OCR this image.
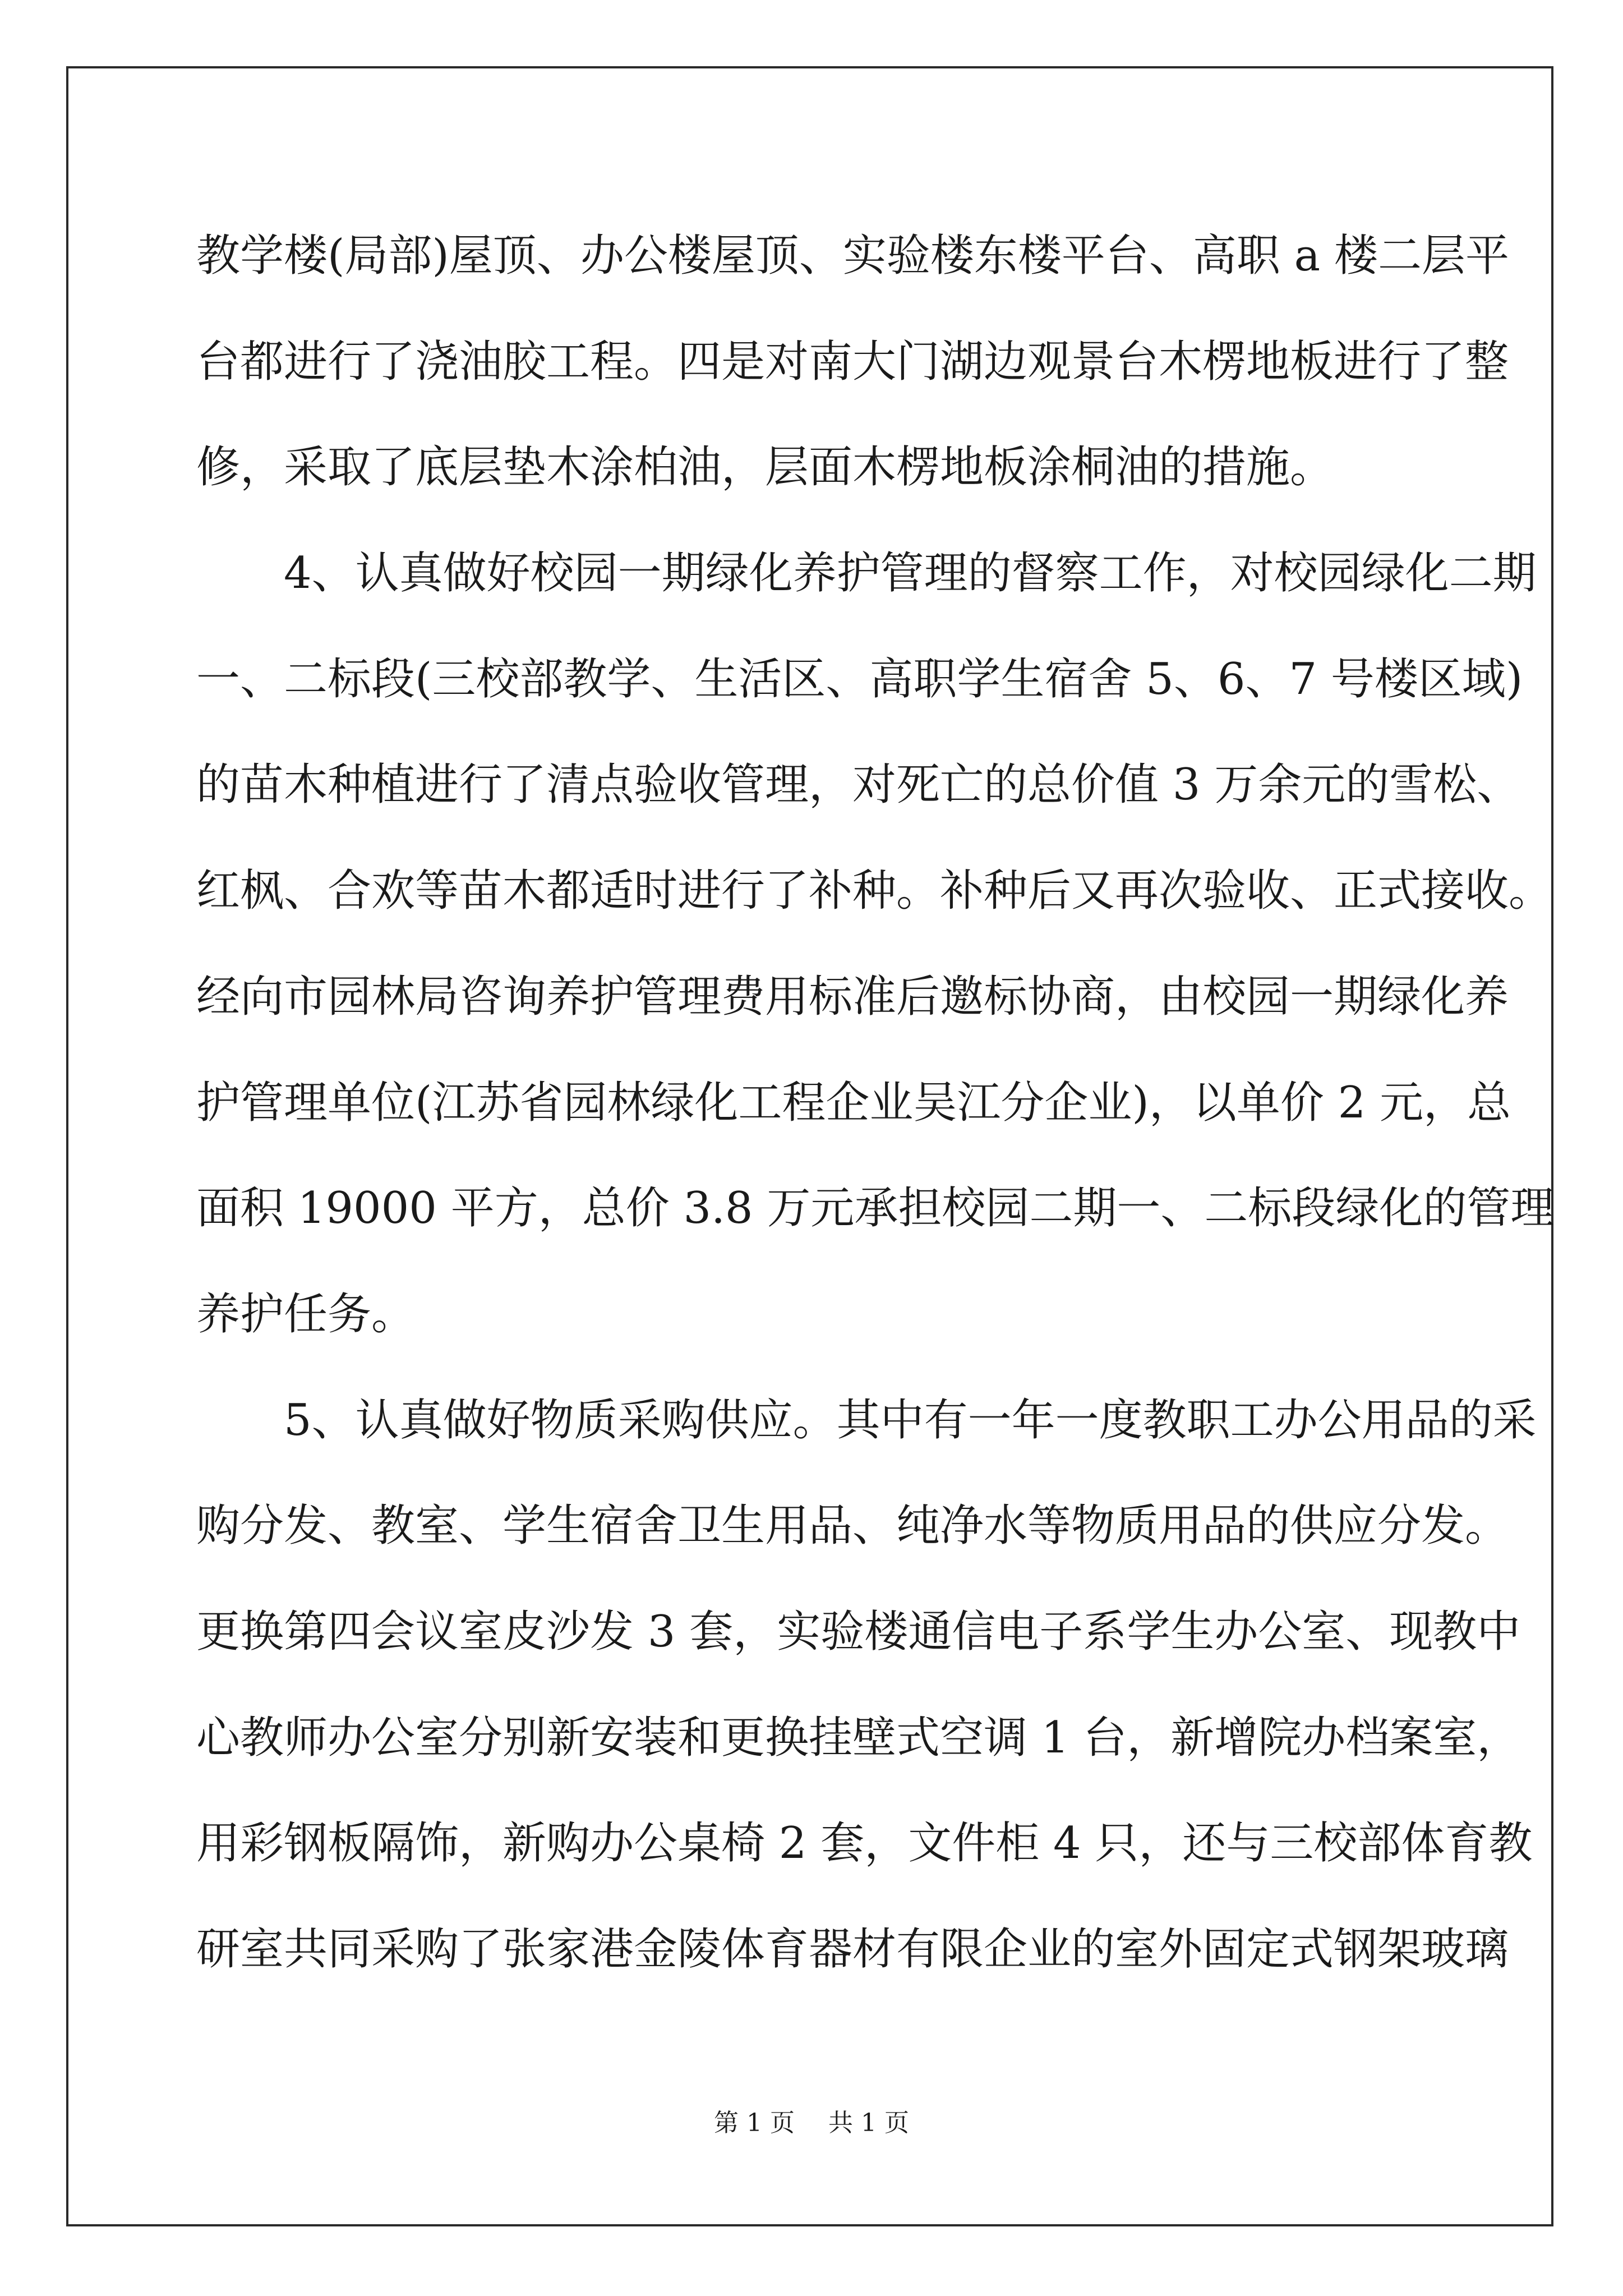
教学楼(局部)屋顶、办公楼屋顶、实验楼东楼平台、高职 a 楼二层平
台都进行了浇油胶工程。四是对南大门湖边观景台木楞地板进行了整
修，采取了底层垫木涂柏油，层面木楞地板涂桐油的措施。
4、认真做好校园一期绿化养护管理的督察工作，对校园绿化二期
一、二标段(三校部教学、生活区、高职学生宿舍 5、6、7 号楼区域)
的苗木种植进行了清点验收管理，对死亡的总价值 3 万余元的雪松、
红枫、合欢等苗木都适时进行了补种。补种后又再次验收、正式接收。
经向市园林局咨询养护管理费用标准后邀标协商，由校园一期绿化养
护管理单位(江苏省园林绿化工程企业吴江分企业)，以单价 2 元，总
面积 19000 平方，总价 3.8 万元承担校园二期一、二标段绿化的管理
养护任务。
5、认真做好物质采购供应。其中有一年一度教职工办公用品的采
购分发、教室、学生宿舍卫生用品、纯净水等物质用品的供应分发。
更换第四会议室皮沙发 3 套，实验楼通信电子系学生办公室、现教中
心教师办公室分别新安装和更换挂壁式空调 1 台，新增院办档案室，
用彩钢板隔饰，新购办公桌椅 2 套，文件柜 4 只，还与三校部体育教
研室共同采购了张家港金陵体育器材有限企业的室外固定式钢架玻璃
第 1 页 共 1 页
